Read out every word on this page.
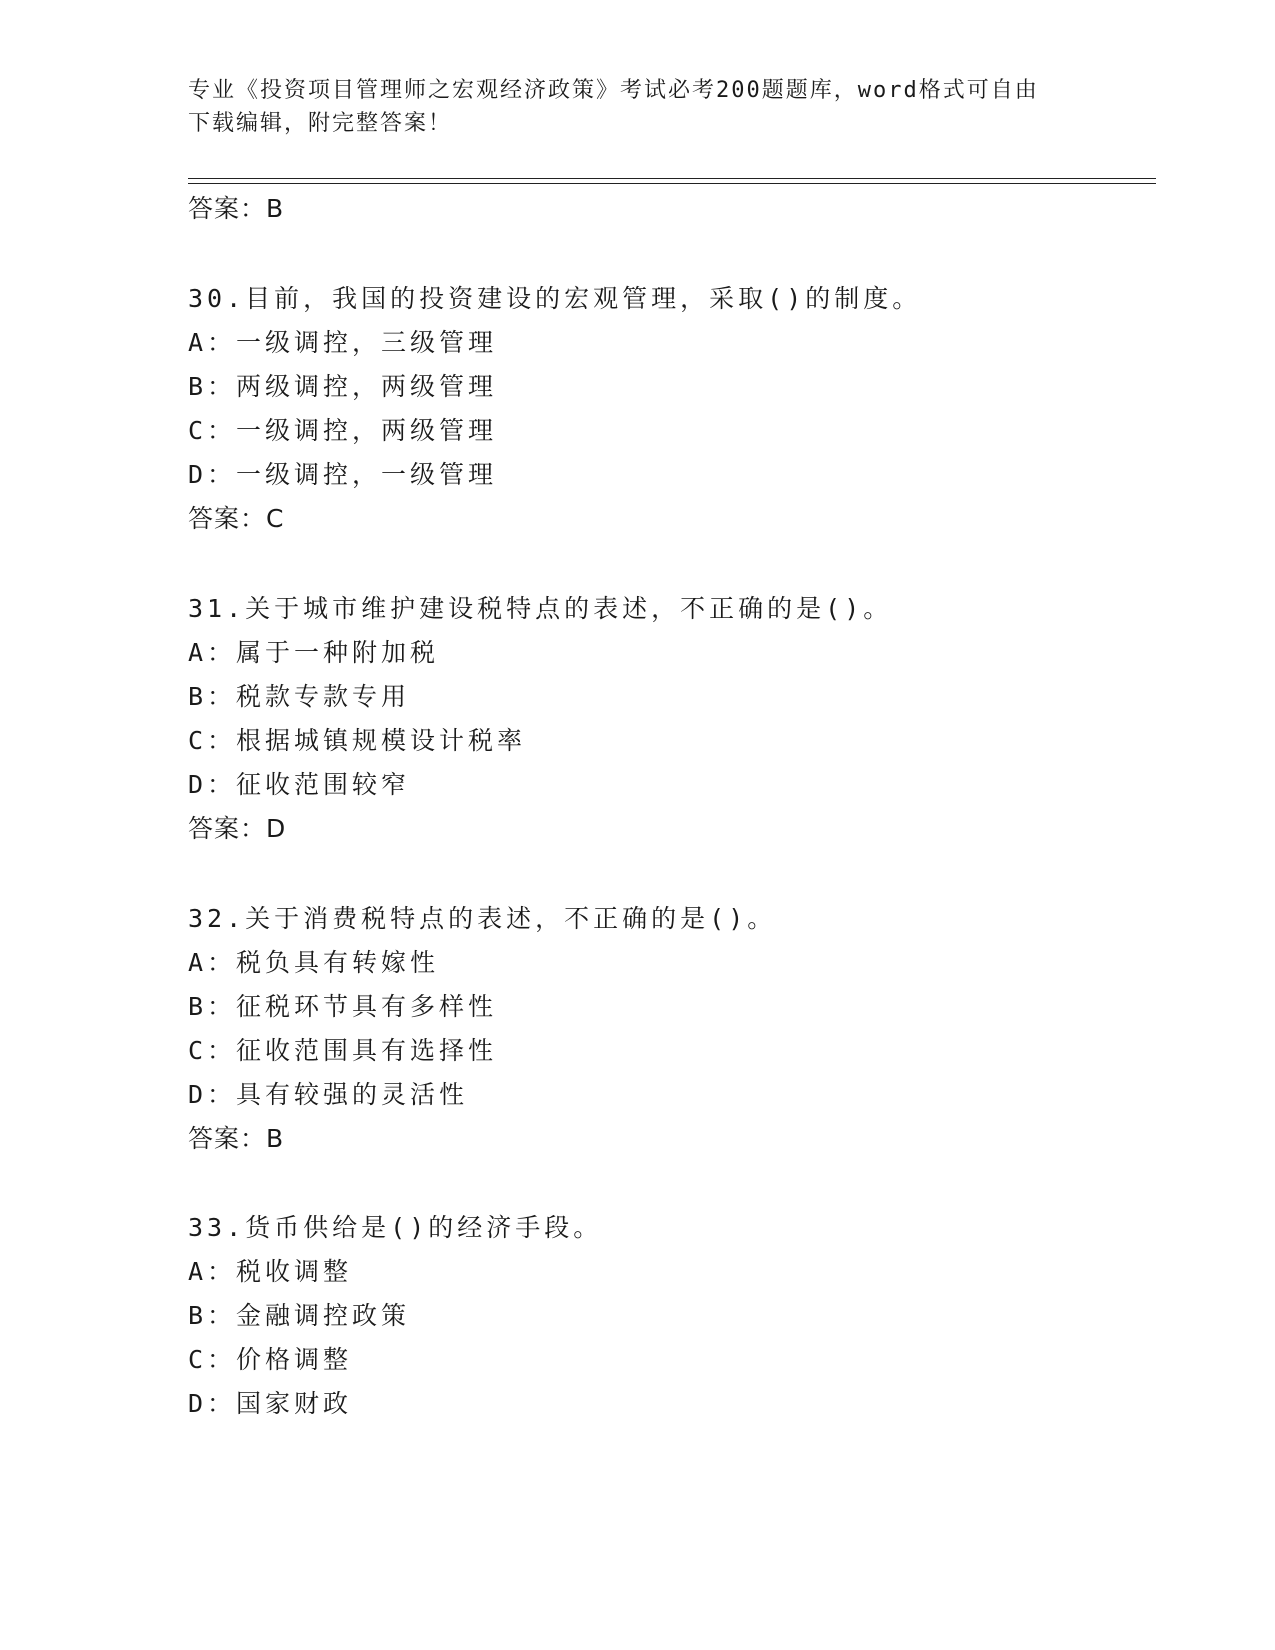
专业《投资项目管理师之宏观经济政策》考试必考200题题库，word格式可自由
下载编辑，附完整答案！
答案：B
30.目前，我国的投资建设的宏观管理，采取()的制度。
A：一级调控，三级管理
B：两级调控，两级管理
C：一级调控，两级管理
D：一级调控，一级管理
答案：C
31.关于城市维护建设税特点的表述，不正确的是()。
A：属于一种附加税
B：税款专款专用
C：根据城镇规模设计税率
D：征收范围较窄
答案：D
32.关于消费税特点的表述，不正确的是()。
A：税负具有转嫁性
B：征税环节具有多样性
C：征收范围具有选择性
D：具有较强的灵活性
答案：B
33.货币供给是()的经济手段。
A：税收调整
B：金融调控政策
C：价格调整
D：国家财政
